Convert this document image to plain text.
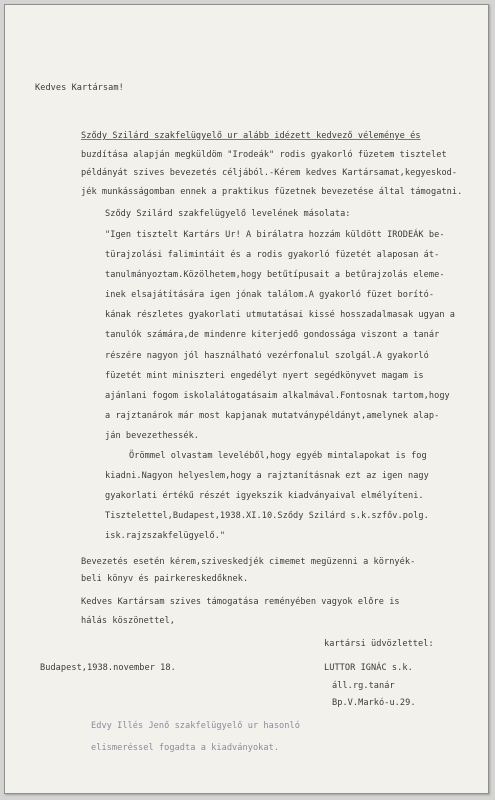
Kedves Kartársam!
Sződy Szilárd szakfelügyelő ur alább idézett kedvező véleménye és
buzdítása alapján megküldöm "Irodeák" rodis gyakorló füzetem tisztelet
példányát szives bevezetés céljából.-Kérem kedves Kartársamat,kegyeskod-
jék munkásságomban ennek a praktikus füzetnek bevezetése által támogatni.
Sződy Szilárd szakfelügyelő levelének másolata:
"Igen tisztelt Kartárs Ur! A birálatra hozzám küldött IRODEÁK be-
türajzolási falimintáit és a rodis gyakorló füzetét alaposan át-
tanulmányoztam.Közölhetem,hogy betűtípusait a betűrajzolás eleme-
inek elsajátítására igen jónak találom.A gyakorló füzet borító-
kának részletes gyakorlati utmutatásai kissé hosszadalmasak ugyan a
tanulók számára,de mindenre kiterjedő gondossága viszont a tanár
részére nagyon jól használható vezérfonalul szolgál.A gyakorló
füzetét mint miniszteri engedélyt nyert segédkönyvet magam is
ajánlani fogom iskolalátogatásaim alkalmával.Fontosnak tartom,hogy
a rajztanárok már most kapjanak mutatványpéldányt,amelynek alap-
ján bevezethessék.
Örömmel olvastam leveléből,hogy egyéb mintalapokat is fog
kiadni.Nagyon helyeslem,hogy a rajztanításnak ezt az igen nagy
gyakorlati értékű részét igyekszik kiadványaival elmélyíteni.
Tisztelettel,Budapest,1938.XI.10.Sződy Szilárd s.k.szfőv.polg.
isk.rajzszakfelügyelő."
Bevezetés esetén kérem,sziveskedjék cimemet megüzenni a környék-
beli könyv és pairkereskedőknek.
Kedves Kartársam szives támogatása reményében vagyok előre is
hálás köszönettel,
kartársi üdvözlettel:
Budapest,1938.november 18.	LUTTOR IGNÁC s.k.
áll.rg.tanár
Bp.V.Markó-u.29.
Edvy Illés Jenő szakfelügyelő ur hasonló
elismeréssel fogadta a kiadványokat.
